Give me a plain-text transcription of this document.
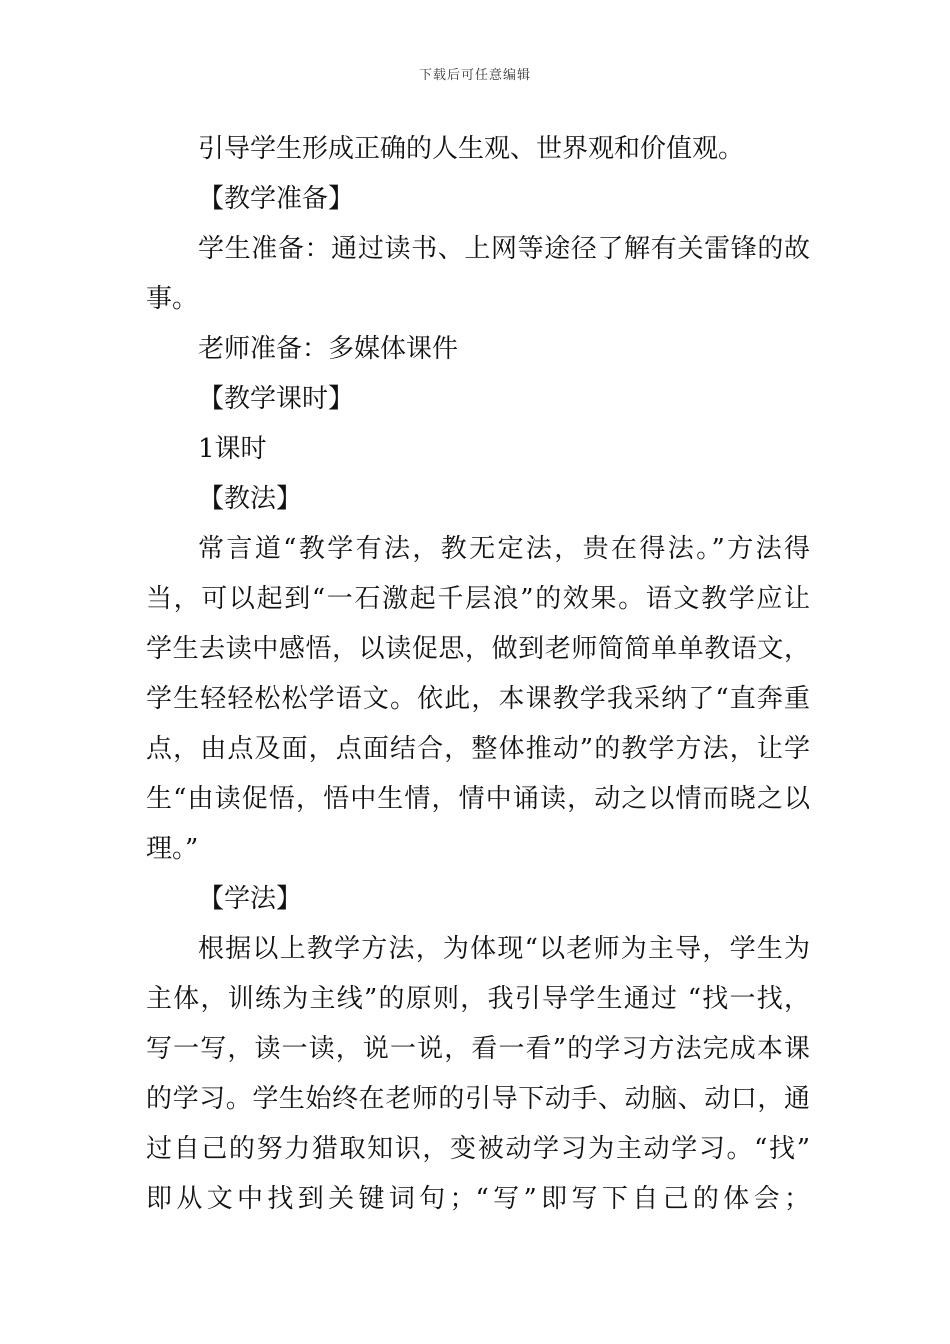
下载后可任意编辑
引导学生形成正确的人生观、世界观和价值观。
【教学准备】
学生准备：通过读书、上网等途径了解有关雷锋的故
事。
老师准备：多媒体课件
【教学课时】
1课时
【教法】
常言道“教学有法，教无定法，贵在得法。”方法得
当，可以起到“一石激起千层浪”的效果。语文教学应让
学生去读中感悟，以读促思，做到老师简简单单教语文，
学生轻轻松松学语文。依此，本课教学我采纳了“直奔重
点，由点及面，点面结合，整体推动”的教学方法，让学
生“由读促悟，悟中生情，情中诵读，动之以情而晓之以
理。”
【学法】
根据以上教学方法，为体现“以老师为主导，学生为
主体，训练为主线”的原则，我引导学生通过 “找一找，
写一写，读一读，说一说，看一看”的学习方法完成本课
的学习。学生始终在老师的引导下动手、动脑、动口，通
过自己的努力猎取知识，变被动学习为主动学习。“找”
即从文中找到关键词句；“写”即写下自己的体会；
